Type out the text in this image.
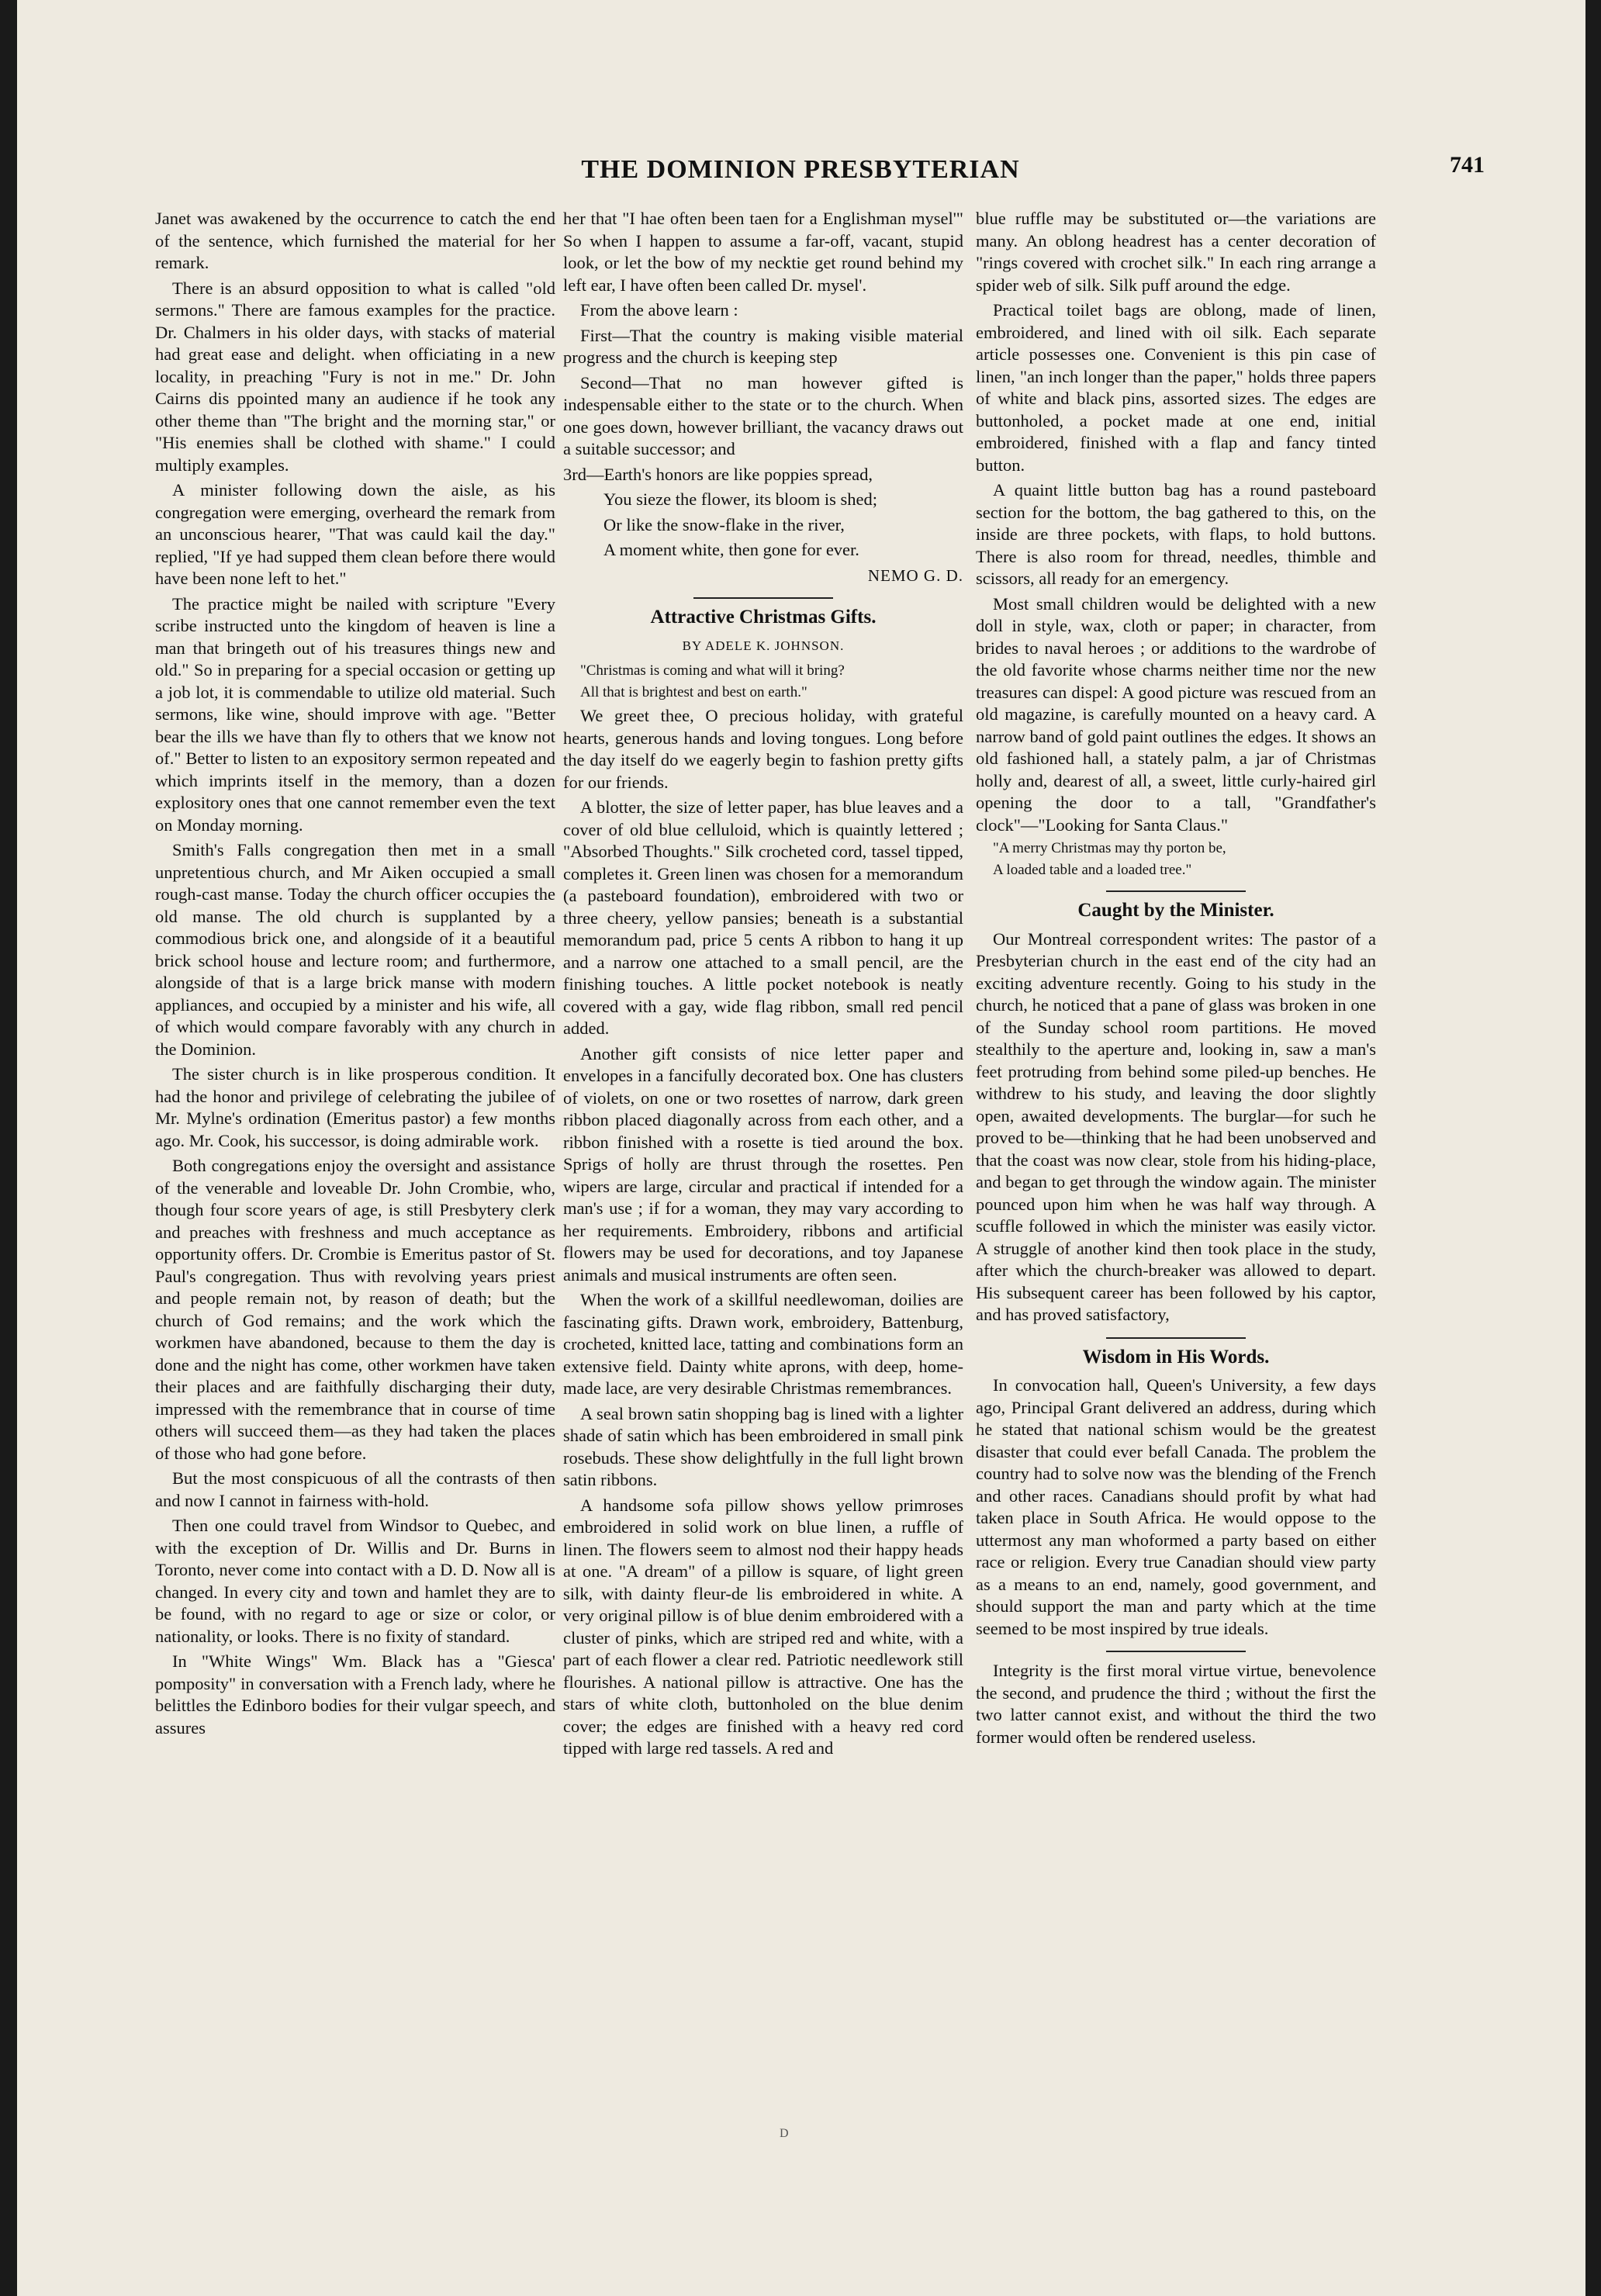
THE DOMINION PRESBYTERIAN	741

Janet was awakened by the occurrence to catch the end of the sentence, which furnished the material for her remark.

There is an absurd opposition to what is called "old sermons." There are famous examples for the practice. Dr. Chalmers in his older days, with stacks of material had great ease and delight. when officiating in a new locality, in preaching "Fury is not in me." Dr. John Cairns dis ppointed many an audience if he took any other theme than "The bright and the morning star," or "His enemies shall be clothed with shame." I could multiply examples.

A minister following down the aisle, as his congregation were emerging, overheard the remark from an unconscious hearer, "That was cauld kail the day." replied, "If ye had supped them clean before there would have been none left to het."

The practice might be nailed with scripture "Every scribe instructed unto the kingdom of heaven is line a man that bringeth out of his treasures things new and old." So in preparing for a special occasion or getting up a job lot, it is commendable to utilize old material. Such sermons, like wine, should improve with age. "Better bear the ills we have than fly to others that we know not of." Better to listen to an expository sermon repeated and which imprints itself in the memory, than a dozen explository ones that one cannot remember even the text on Monday morning.

Smith's Falls congregation then met in a small unpretentious church, and Mr Aiken occupied a small rough-cast manse. Today the church officer occupies the old manse. The old church is supplanted by a commodious brick one, and alongside of it a beautiful brick school house and lecture room; and furthermore, alongside of that is a large brick manse with modern appliances, and occupied by a minister and his wife, all of which would compare favorably with any church in the Dominion.

The sister church is in like prosperous condition. It had the honor and privilege of celebrating the jubilee of Mr. Mylne's ordination (Emeritus pastor) a few months ago. Mr. Cook, his successor, is doing admirable work.

Both congregations enjoy the oversight and assistance of the venerable and loveable Dr. John Crombie, who, though four score years of age, is still Presbytery clerk and preaches with freshness and much acceptance as opportunity offers. Dr. Crombie is Emeritus pastor of St. Paul's congregation. Thus with revolving years priest and people remain not, by reason of death; but the church of God remains; and the work which the workmen have abandoned, because to them the day is done and the night has come, other workmen have taken their places and are faithfully discharging their duty, impressed with the remembrance that in course of time others will succeed them—as they had taken the places of those who had gone before.

But the most conspicuous of all the contrasts of then and now I cannot in fairness with-hold.

Then one could travel from Windsor to Quebec, and with the exception of Dr. Willis and Dr. Burns in Toronto, never come into contact with a D. D. Now all is changed. In every city and town and hamlet they are to be found, with no regard to age or size or color, or nationality, or looks. There is no fixity of standard.

In "White Wings" Wm. Black has a "Giesca' pomposity" in conversation with a French lady, where he belittles the Edinboro bodies for their vulgar speech, and assures

her that "I hae often been taen for a Englishman mysel'" So when I happen to assume a far-off, vacant, stupid look, or let the bow of my necktie get round behind my left ear, I have often been called Dr. mysel'.

From the above learn :

First—That the country is making visible material progress and the church is keeping step

Second—That no man however gifted is indespensable either to the state or to the church. When one goes down, however brilliant, the vacancy draws out a suitable successor; and

3rd—Earth's honors are like poppies spread,

You sieze the flower, its bloom is shed;

Or like the snow-flake in the river,

A moment white, then gone for ever.

NEMO G. D.

Attractive Christmas Gifts.
BY ADELE K. JOHNSON.

"Christmas is coming and what will it bring?

All that is brightest and best on earth."

We greet thee, O precious holiday, with grateful hearts, generous hands and loving tongues. Long before the day itself do we eagerly begin to fashion pretty gifts for our friends.

A blotter, the size of letter paper, has blue leaves and a cover of old blue celluloid, which is quaintly lettered ; "Absorbed Thoughts." Silk crocheted cord, tassel tipped, completes it. Green linen was chosen for a memorandum (a pasteboard foundation), embroidered with two or three cheery, yellow pansies; beneath is a substantial memorandum pad, price 5 cents A ribbon to hang it up and a narrow one attached to a small pencil, are the finishing touches. A little pocket notebook is neatly covered with a gay, wide flag ribbon, small red pencil added.

Another gift consists of nice letter paper and envelopes in a fancifully decorated box. One has clusters of violets, on one or two rosettes of narrow, dark green ribbon placed diagonally across from each other, and a ribbon finished with a rosette is tied around the box. Sprigs of holly are thrust through the rosettes. Pen wipers are large, circular and practical if intended for a man's use ; if for a woman, they may vary according to her requirements. Embroidery, ribbons and artificial flowers may be used for decorations, and toy Japanese animals and musical instruments are often seen.

When the work of a skillful needlewoman, doilies are fascinating gifts. Drawn work, embroidery, Battenburg, crocheted, knitted lace, tatting and combinations form an extensive field. Dainty white aprons, with deep, home-made lace, are very desirable Christmas remembrances.

A seal brown satin shopping bag is lined with a lighter shade of satin which has been embroidered in small pink rosebuds. These show delightfully in the full light brown satin ribbons.

A handsome sofa pillow shows yellow primroses embroidered in solid work on blue linen, a ruffle of linen. The flowers seem to almost nod their happy heads at one. "A dream" of a pillow is square, of light green silk, with dainty fleur-de lis embroidered in white. A very original pillow is of blue denim embroidered with a cluster of pinks, which are striped red and white, with a part of each flower a clear red. Patriotic needlework still flourishes. A national pillow is attractive. One has the stars of white cloth, buttonholed on the blue denim cover; the edges are finished with a heavy red cord tipped with large red tassels. A red and

blue ruffle may be substituted or—the variations are many. An oblong headrest has a center decoration of "rings covered with crochet silk." In each ring arrange a spider web of silk. Silk puff around the edge.

Practical toilet bags are oblong, made of linen, embroidered, and lined with oil silk. Each separate article possesses one. Convenient is this pin case of linen, "an inch longer than the paper," holds three papers of white and black pins, assorted sizes. The edges are buttonholed, a pocket made at one end, initial embroidered, finished with a flap and fancy tinted button.

A quaint little button bag has a round pasteboard section for the bottom, the bag gathered to this, on the inside are three pockets, with flaps, to hold buttons. There is also room for thread, needles, thimble and scissors, all ready for an emergency.

Most small children would be delighted with a new doll in style, wax, cloth or paper; in character, from brides to naval heroes ; or additions to the wardrobe of the old favorite whose charms neither time nor the new treasures can dispel: A good picture was rescued from an old magazine, is carefully mounted on a heavy card. A narrow band of gold paint outlines the edges. It shows an old fashioned hall, a stately palm, a jar of Christmas holly and, dearest of all, a sweet, little curly-haired girl opening the door to a tall, "Grandfather's clock"—"Looking for Santa Claus."

"A merry Christmas may thy porton be,

A loaded table and a loaded tree."

Caught by the Minister.

Our Montreal correspondent writes: The pastor of a Presbyterian church in the east end of the city had an exciting adventure recently. Going to his study in the church, he noticed that a pane of glass was broken in one of the Sunday school room partitions. He moved stealthily to the aperture and, looking in, saw a man's feet protruding from behind some piled-up benches. He withdrew to his study, and leaving the door slightly open, awaited developments. The burglar—for such he proved to be—thinking that he had been unobserved and that the coast was now clear, stole from his hiding-place, and began to get through the window again. The minister pounced upon him when he was half way through. A scuffle followed in which the minister was easily victor. A struggle of another kind then took place in the study, after which the church-breaker was allowed to depart. His subsequent career has been followed by his captor, and has proved satisfactory,

Wisdom in His Words.

In convocation hall, Queen's University, a few days ago, Principal Grant delivered an address, during which he stated that national schism would be the greatest disaster that could ever befall Canada. The problem the country had to solve now was the blending of the French and other races. Canadians should profit by what had taken place in South Africa. He would oppose to the uttermost any man whoformed a party based on either race or religion. Every true Canadian should view party as a means to an end, namely, good government, and should support the man and party which at the time seemed to be most inspired by true ideals.

Integrity is the first moral virtue virtue, benevolence the second, and prudence the third ; without the first the two latter cannot exist, and without the third the two former would often be rendered useless.

D
